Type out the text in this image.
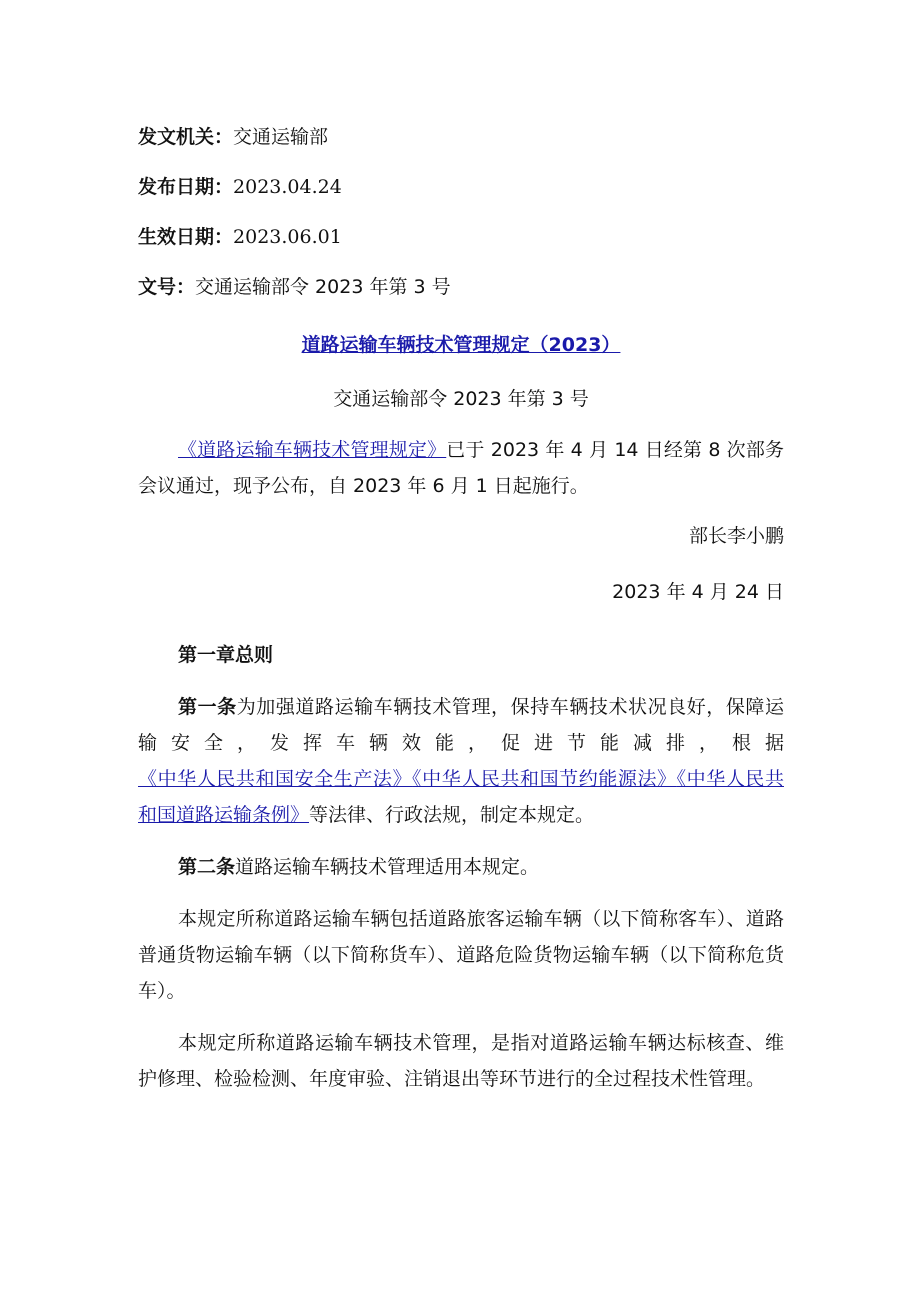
发文机关：交通运输部
发布日期：2023.04.24
生效日期：2023.06.01
文号：交通运输部令 2023 年第 3 号
道路运输车辆技术管理规定（2023）
交通运输部令 2023 年第 3 号

《道路运输车辆技术管理规定》已于 2023 年 4 月 14 日经第 8 次部务会议通过，现予公布，自 2023 年 6 月 1 日起施行。

部长李小鹏
2023 年 4 月 24 日

第一章总则

第一条为加强道路运输车辆技术管理，保持车辆技术状况良好，保障运输安全，发挥车辆效能，促进节能减排，根据《中华人民共和国安全生产法》《中华人民共和国节约能源法》《中华人民共和国道路运输条例》等法律、行政法规，制定本规定。

第二条道路运输车辆技术管理适用本规定。

本规定所称道路运输车辆包括道路旅客运输车辆（以下简称客车）、道路普通货物运输车辆（以下简称货车）、道路危险货物运输车辆（以下简称危货车）。

本规定所称道路运输车辆技术管理，是指对道路运输车辆达标核查、维护修理、检验检测、年度审验、注销退出等环节进行的全过程技术性管理。
